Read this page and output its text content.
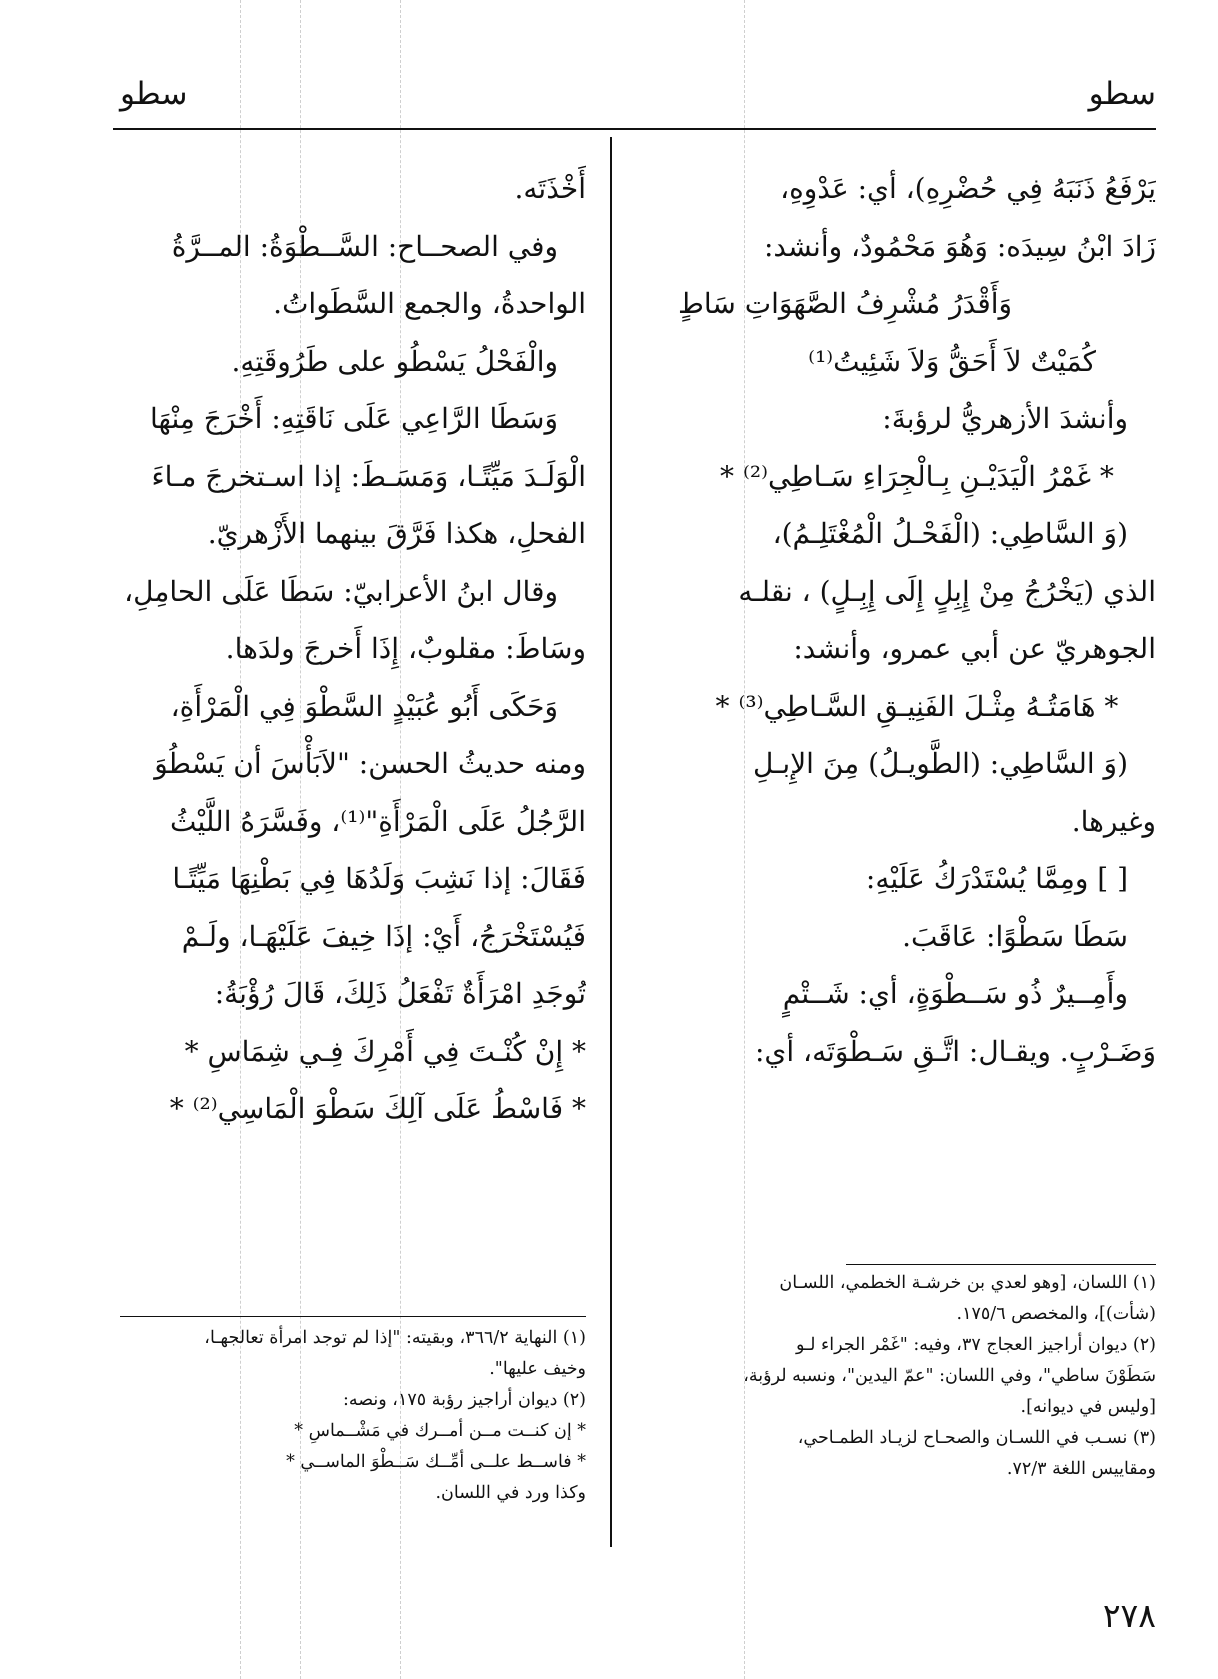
سطو
سطو
يَرْفَعُ ذَنَبَهُ فِي حُضْرِهِ)، أي: عَدْوِهِ،
زَادَ ابْنُ سِيدَه: وَهُوَ مَحْمُودٌ، وأنشد:
وَأَقْدَرُ مُشْرِفُ الصَّهَوَاتِ سَاطٍ
كُمَيْتٌ لاَ أَحَقُّ وَلاَ شَئِيتُ⁽¹⁾
وأنشدَ الأزهريُّ لرؤبةَ:
* غَمْرُ الْيَدَيْـنِ بِـالْجِرَاءِ سَـاطِي⁽²⁾ *
(وَ السَّاطِي: (الْفَحْـلُ الْمُغْتَلِـمُ)،
الذي (يَخْرُجُ مِنْ إِبِلٍ إِلَى إِبِـلٍ) ، نقلـه
الجوهريّ عن أبي عمرو، وأنشد:
* هَامَتُـهُ مِثْـلَ الفَنِيـقِ السَّـاطِي⁽³⁾ *
(وَ السَّاطِي: (الطَّويـلُ) مِنَ الإِبـلِ
وغيرها.
[ ] ومِمَّا يُسْتَدْرَكُ عَلَيْهِ:
سَطَا سَطْوًا: عَاقَبَ.
وأَمِــيرٌ ذُو سَــطْوَةٍ، أي: شَــتْمٍ
وَضَـرْبٍ. ويقـال: اتَّـقِ سَـطْوَتَه، أي:
أَخْذَتَه.
وفي الصحــاح: السَّــطْوَةُ: المــرَّةُ
الواحدةُ، والجمع السَّطَواتُ.
والْفَحْلُ يَسْطُو على طَرُوقَتِهِ.
وَسَطَا الرَّاعِي عَلَى نَاقَتِهِ: أَخْرَجَ مِنْهَا
الْوَلَـدَ مَيِّتًـا، وَمَسَـطَ: إذا اسـتخرجَ مـاءَ
الفحلِ، هكذا فَرَّقَ بينهما الأَزْهريّ.
وقال ابنُ الأعرابيّ: سَطَا عَلَى الحامِلِ،
وسَاطَ: مقلوبٌ، إِذَا أَخرجَ ولدَها.
وَحَكَى أَبُو عُبَيْدٍ السَّطْوَ فِي الْمَرْأَةِ،
ومنه حديثُ الحسن: "لاَبَأْسَ أن يَسْطُوَ
الرَّجُلُ عَلَى الْمَرْأَةِ"⁽¹⁾، وفَسَّرَهُ اللَّيْثُ
فَقَالَ: إذا نَشِبَ وَلَدُهَا فِي بَطْنِهَا مَيِّتًـا
فَيُسْتَخْرَجُ، أَيْ: إذَا خِيفَ عَلَيْهَـا، ولَـمْ
تُوجَدِ امْرَأَةٌ تَفْعَلُ ذَلِكَ، قَالَ رُؤْبَةُ:
* إِنْ كُنْـتَ فِي أَمْرِكَ فِـي شِمَاسِ *
* فَاسْطُ عَلَى آلِكَ سَطْوَ الْمَاسِي⁽²⁾ *
(١) اللسان، [وهو لعدي بن خرشـة الخطمي، اللسـان
(شأت)]، والمخصص ١٧٥/٦.
(٢) ديوان أراجيز العجاج ٣٧، وفيه: "غَمْر الجراء لـو
سَطَوْنَ ساطي"، وفي اللسان: "عمّ اليدين"، ونسبه لرؤبة،
[وليس في ديوانه].
(٣) نسـب في اللسـان والصحـاح لزيـاد الطمـاحي،
ومقاييس اللغة ٧٢/٣.
(١) النهاية ٣٦٦/٢، وبقيته: "إذا لم توجد امرأة تعالجهـا،
وخيف عليها".
(٢) ديوان أراجيز رؤبة ١٧٥، ونصه:
* إن كنــت مــن أمــرك في مَشْــماسِ *
* فاســط علــى أمِّــك سَــطْوَ الماســي *
وكذا ورد في اللسان.
٢٧٨
